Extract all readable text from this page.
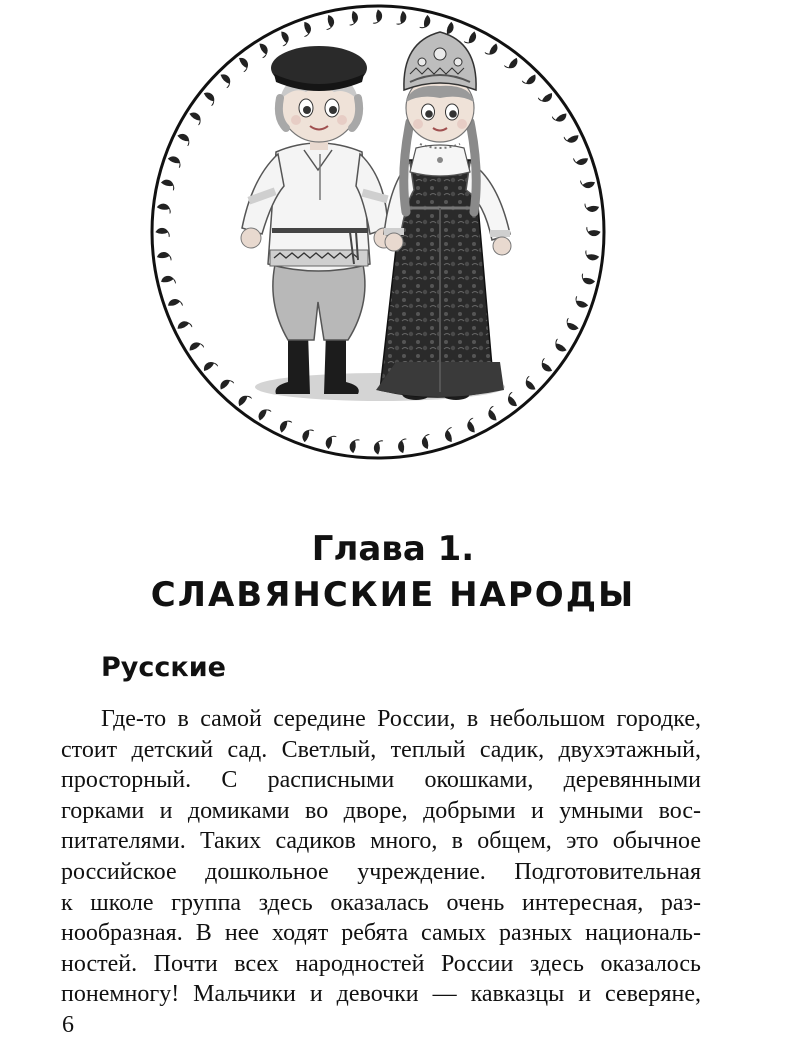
Глава 1.
СЛАВЯНСКИЕ НАРОДЫ
Русские
Где-то в самой середине России, в небольшом городке,
стоит детский сад. Светлый, теплый садик, двухэтажный,
просторный. С расписными окошками, деревянными
горками и домиками во дворе, добрыми и умными вос-
питателями. Таких садиков много, в общем, это обычное
российское дошкольное учреждение. Подготовительная
к школе группа здесь оказалась очень интересная, раз-
нообразная. В нее ходят ребята самых разных националь-
ностей. Почти всех народностей России здесь оказалось
понемногу! Мальчики и девочки — кавказцы и северяне,
6
